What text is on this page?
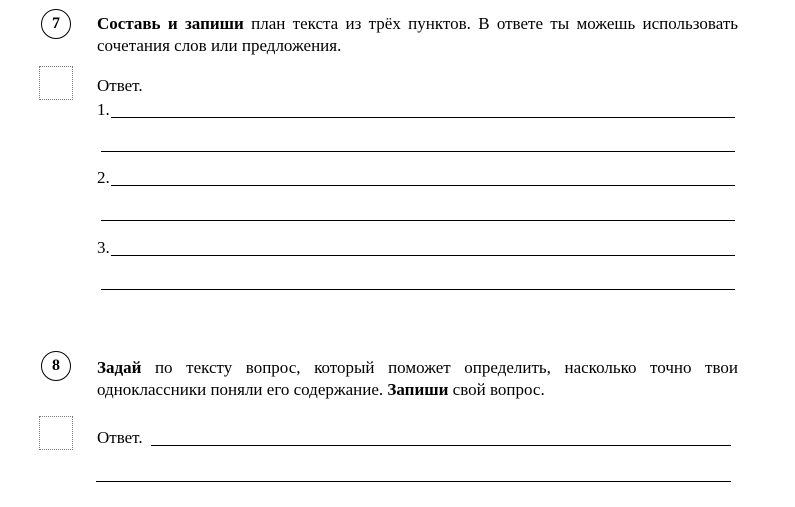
7	Составь и запиши план текста из трёх пунктов. В ответе ты можешь использовать сочетания слов или предложения.
Ответ.
1.
2.
3.
8	Задай по тексту вопрос, который поможет определить, насколько точно твои одноклассники поняли его содержание. Запиши свой вопрос.
Ответ.
